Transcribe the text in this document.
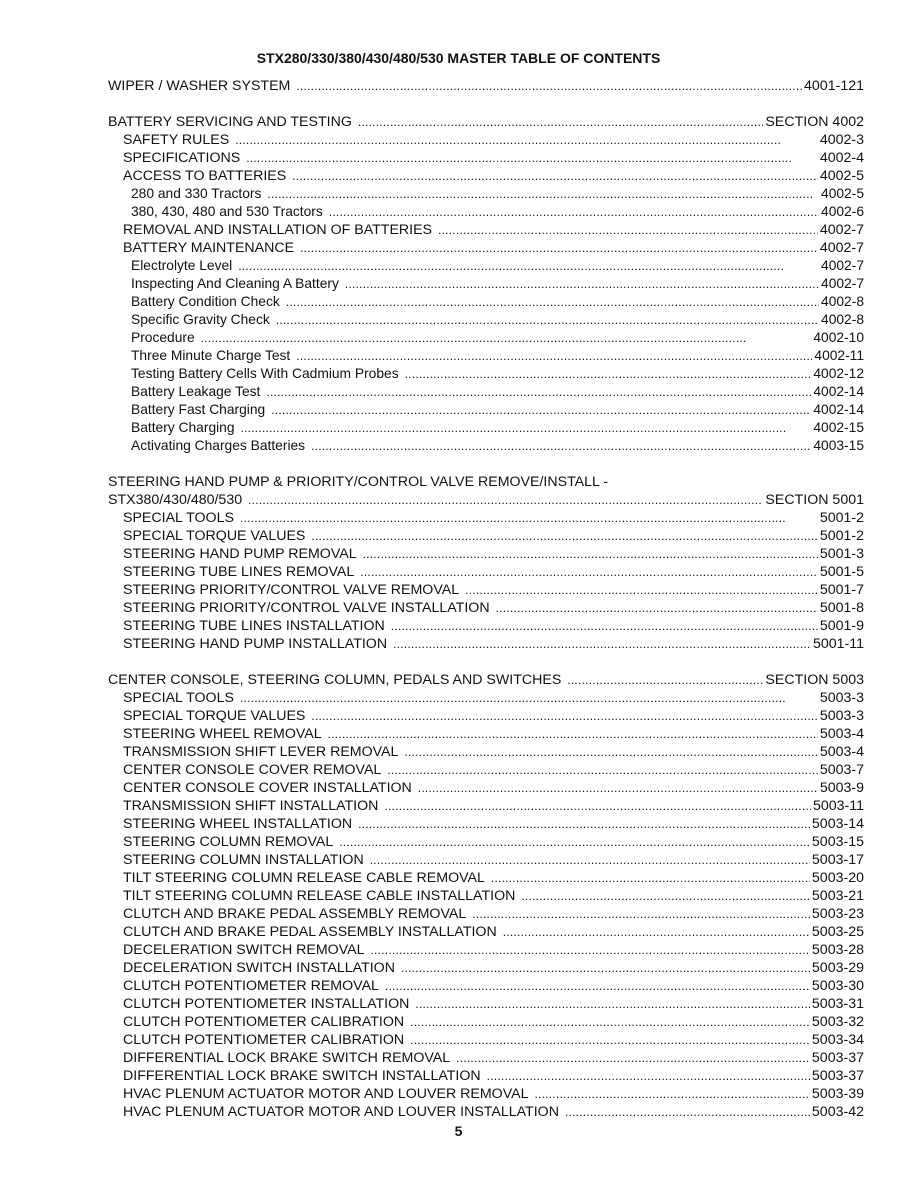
STX280/330/380/430/480/530 MASTER TABLE OF CONTENTS
WIPER / WASHER SYSTEM . . .	4001-121
BATTERY SERVICING AND TESTING . . .	SECTION 4002
SAFETY RULES . . .	4002-3
SPECIFICATIONS . . .	4002-4
ACCESS TO BATTERIES . . .	4002-5
280 and 330 Tractors . . .	4002-5
380, 430, 480 and 530 Tractors . . .	4002-6
REMOVAL AND INSTALLATION OF BATTERIES . . .	4002-7
BATTERY MAINTENANCE . . .	4002-7
Electrolyte Level . . .	4002-7
Inspecting And Cleaning A Battery . . .	4002-7
Battery Condition Check . . .	4002-8
Specific Gravity Check . . .	4002-8
Procedure . . .	4002-10
Three Minute Charge Test . . .	4002-11
Testing Battery Cells With Cadmium Probes . . .	4002-12
Battery Leakage Test . . .	4002-14
Battery Fast Charging . . .	4002-14
Battery Charging . . .	4002-15
Activating Charges Batteries . . .	4003-15
STEERING HAND PUMP & PRIORITY/CONTROL VALVE REMOVE/INSTALL -
STX380/430/480/530 . . .	SECTION 5001
SPECIAL TOOLS . . .	5001-2
SPECIAL TORQUE VALUES . . .	5001-2
STEERING HAND PUMP REMOVAL . . .	5001-3
STEERING TUBE LINES REMOVAL . . .	5001-5
STEERING PRIORITY/CONTROL VALVE REMOVAL . . .	5001-7
STEERING PRIORITY/CONTROL VALVE INSTALLATION . . .	5001-8
STEERING TUBE LINES INSTALLATION . . .	5001-9
STEERING HAND PUMP INSTALLATION . . .	5001-11
CENTER CONSOLE, STEERING COLUMN, PEDALS AND SWITCHES . . .	SECTION 5003
SPECIAL TOOLS . . .	5003-3
SPECIAL TORQUE VALUES . . .	5003-3
STEERING WHEEL REMOVAL . . .	5003-4
TRANSMISSION SHIFT LEVER REMOVAL . . .	5003-4
CENTER CONSOLE COVER REMOVAL . . .	5003-7
CENTER CONSOLE COVER INSTALLATION . . .	5003-9
TRANSMISSION SHIFT INSTALLATION . . .	5003-11
STEERING WHEEL INSTALLATION . . .	5003-14
STEERING COLUMN REMOVAL . . .	5003-15
STEERING COLUMN INSTALLATION . . .	5003-17
TILT STEERING COLUMN RELEASE CABLE REMOVAL . . .	5003-20
TILT STEERING COLUMN RELEASE CABLE INSTALLATION . . .	5003-21
CLUTCH AND BRAKE PEDAL ASSEMBLY REMOVAL . . .	5003-23
CLUTCH AND BRAKE PEDAL ASSEMBLY INSTALLATION . . .	5003-25
DECELERATION SWITCH REMOVAL . . .	5003-28
DECELERATION SWITCH INSTALLATION . . .	5003-29
CLUTCH POTENTIOMETER REMOVAL . . .	5003-30
CLUTCH POTENTIOMETER INSTALLATION . . .	5003-31
CLUTCH POTENTIOMETER CALIBRATION . . .	5003-32
CLUTCH POTENTIOMETER CALIBRATION . . .	5003-34
DIFFERENTIAL LOCK BRAKE SWITCH REMOVAL . . .	5003-37
DIFFERENTIAL LOCK BRAKE SWITCH INSTALLATION . . .	5003-37
HVAC PLENUM ACTUATOR MOTOR AND LOUVER REMOVAL . . .	5003-39
HVAC PLENUM ACTUATOR MOTOR AND LOUVER INSTALLATION . . .	5003-42
5
